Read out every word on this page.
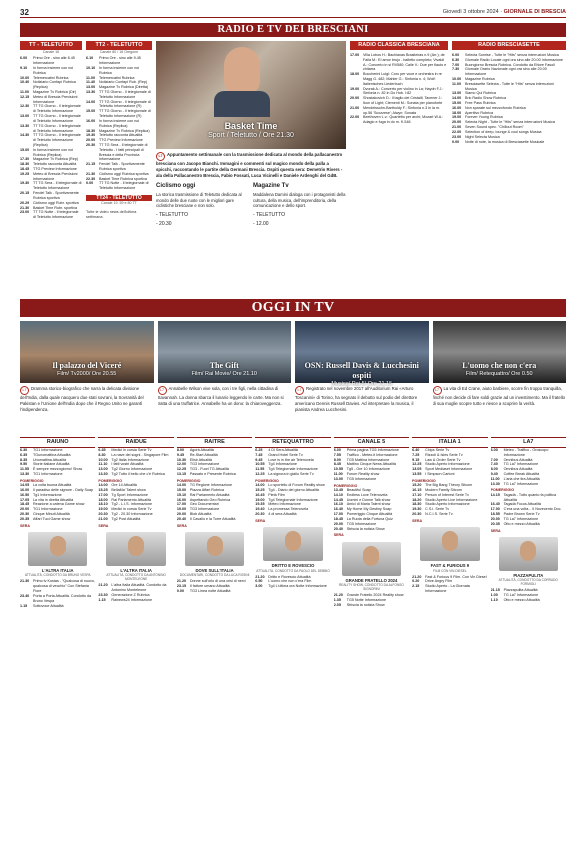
32	Giovedì 3 ottobre 2024 · GIORNALE DI BRESCIA
RADIO E TV DEI BRESCIANI
TT - TELETUTTO
Canale 16
6.00	Primo Ore - sino alle 8.45 Informazione
9.10	In forma insieme con noi Rubrica
10.00	Telemercatini Rubrica
10.40	Notiziario Confapi Rubrica (Replica)
11.00	Magazine Tv Rubrica (Dir)
12.15	Meteo di Brescia Previsioni Informazione
12.30	TT TG Giorno - Il telegiornale di Teletutto Informazione
13.00	TT TG Giorno - Il telegiornale di Teletutto Informazione
13.30	TT TG Giorno - Il telegiornale di Teletutto Informazione
14.30	TT TG Giorno - Il telegiornale di Teletutto Informazione (Replica)
15.00	In forma insieme con noi Rubrica (Replica)
17.30	Magazine Tv Rubrica (Rep)
18.30	Teletutto racconta Attualità
18.45	TTG Preview Informazione
19.25	Meteo di Brescia Previsioni Informazione
19.30	TT TG Sera - Il telegiornale di Teletutto Informazione
20.15	Fendel Talk - Sportivamente Rubrica sportiva
20.29	Ciclismo oggi Rubr. sportiva
21.30	Basket Time Rubr. sportiva
23.00	TT TG Notte - Il telegiornale di Teletutto Informazione
TT2 - TELETUTTO
Canale 80 / 16 Oregone
6.10	Primo Ore - sino alle 9.45 Informazione
10.10	In forma insieme con noi Rubrica
11.00	Telemercatini Rubrica
11.40	Notiziario Confapi Rub. (Rep)
13.00	Magazine Tv Rubrica (Diretta)
13.30	TT TG Giorno - Il telegiornale di Teletutto Informazione
14.00	TT TG Giorno - Il telegiornale di Teletutto Informazione (R)
15.00	TT TG Giorno - Il telegiornale di Teletutto Informazione (R)
16.00	In forma insieme con noi Rubrica (Replica)
18.30	Magazine Tv Rubrica (Replica)
19.30	Teletutto racconta Attualità
20.00	TTG Preview Informazione
20.30	TT TG Sera - Il telegiornale di Teletutto - I fatti principali di Brescia e della Provincia Informazione
21.15	Fendel Talk - Sportivamente Rubrica sportiva
21.30	Ciclismo oggi Rubrica sportiva
22.30	Basket Time Rubrica sportiva
0.00	TT TG Notte - Il telegiornale di Teletutto Informazione
TT24 - TELETUTTO
Canale 19, 59 e 80 TT
Tutte le video news dell'ultima settimana.
Basket Time
Sport / Teletutto / Ore 21.30
L7 Appuntamento settimanale con la trasmissione dedicata al mondo della pallacanestro bresciana con Jacopo Bianchi. Immagini e commenti sul magico mondo della palla a spicchi, raccontando le partite della Germani Brescia. Ospiti questa sera: Demetrio Rivers - ala della Pallacanestro Brescia, Fabio Fossati, Luca Vicinelli e Daniele Ardenghi del GdB.
Ciclismo oggi
La storica trasmissione di Teletutto dedicata al mondo delle due ruote con le migliori gare ciclistiche bresciane e non solo.
- TELETUTTO
- 20.30
Magazine Tv
Maddalena Damini dialoga con i protagonisti della cultura, della musica, dell'imprenditoria, della comunicazione e dello sport.
- TELETUTTO
- 12.00
RADIO CLASSICA BRESCIANA
17.00	Villa Lobos H.: Bachianas Brasileiras n.9 (Arr.); de Falla M.: El amor brujo - balletto completo; Vivaldi A.: Concerto in si RV580; Calle V.: Due per flauto e chitarra
18.00	Boccherini Luigi: Coro per voce e orchestra in re Magg G. 482; Mahler G.: Sinfonia n. 4; Wolf: Italienisches Liederbuch
19.00	Dvorak A.: Concerto per violino in La; Haydn F.J.: Sinfonia n. 82 in Do Hob. I:82
20.00	Shostakovich D.: Il taglio dei Cristalli; Tavener J.: Ikon of Light; Clementi M.: Sonata per pianoforte
21.00	Mendelssohn-Bartholdy F.: Sinfonia n.3 in la m. op.56 'Scozzese'; Alwyn: Sonata
22.00	Beethoven L.v.: Quartetto per archi; Mozart W.A.: Adagio e fuga in do m. K.546
RADIO BRESCIASETTE
6.00	Selecta Sunrise - Tutte le "Hits" senza interruzioni Musica
6.30	Giornale Radio Locale ogni ora sino alle 20.00 Informazione
7.00	Buongiorno Brescia Rubrica. Condotto da Ettore Fasoli
7.30	Giornale Orario Nazionale ogni ora sino alle 20.00 Informazione
10.00	Magazine Rubrica
11.00	Bresciasette Selecta - Tutte le "Hits" senza interruzioni Musica
13.00	Siamo Qui Rubrica
14.00	Bric Radio Show Rubrica
15.00	Free Pass Rubrica
16.00	Non sparate sul mezzofondo Rubrica
18.00	Aperitivo Rubrica
19.00	Forever Young Rubrica
20.00	Selecta Night - Tutte le "Hits" senza interruzioni Musica
21.00	Seven Sound spec. "Chillout Room"
22.00	Selection of deep, lounge & cool songs Musica
23.00	Night Selecta Musica
0.00	Notte di note, la musica di Bresciasette Musicale
OGGI IN TV
Il palazzo del Viceré
Film/ Tv2000/ Ore 20.55
L7 Dramma storico-biografico che narra la delicata divisione dell'India, dalla quale nacquero due stati sovrani, la Sovranità del Pakistan e l'Unione dell'India dopo che il Regno Unito ne garantì l'indipendenza.
The Gift
Film/ Rai Movie/ Ore 21.10
L7 Annabelle Wilson vive sola, con i tre figli, nella cittadina di Savannah. La donna sbarca il lunario leggendo le carte. Ma non si tratta di una truffatrice. Annabelle ha un dono: la chiaroveggenza.
OSN: Russell Davis & Lucchesini ospiti
Musica/ Rai 5/ Ore 21.15
L7 Registrato nel novembre 2017 all'Auditorium Rai «Arturo Toscanini» di Torino, ha segnato il debutto sul podio del direttore americano Dennis Russell Davies. Ad interpretare la musica, il pianista Andrea Lucchesini.
L'uomo che non c'era
Film/ Retequattro/ Ore 0.50
L7 La vita di Ed Crane, aiuto barbiere, scorre fin troppo tranquilla, finché non decide di fare soldi grazie ad un investimento. Ma il fratello di sua moglie scopre tutto e riesce a scoprire la verità.
RAIUNO
6.30	TG1 Informazione
6.35	TGunomattina Attualità
8.35	Unomattina Attualità
9.50	Storie italiane Attualità
11.55	È sempre mezzogiorno! Show
13.30	TG1 Informazione
POMERIGGIO
14.05	La volta buona Attualità
16.00	Il paradiso delle signore - Daily Soap
16.50	Tg1 Informazione
17.05	La vita in diretta Attualità
18.45	Reazione a catena Game show
20.00	TG1 Informazione
20.30	Cinque Minuti Attualità
20.35	Affari Tuoi Game show
SERA
L'ALTRA ITALIA
ATTUALITÀ, CONDOTTO DA BRUNO VESPA
21.30	Primo tv Kostas - "Qualcosa di nuovo, qualcosa di vecchio" Con Stefania Fiore
23.40	Porta a Porta Attualità. Condotto da Bruno Vespa
1.15	Sottovoce Attualità
RAIDUE
6.35	Medici in corsia Serie Tv
8.30	La nave dei sogni - Singapore Film
10.00	Tg2 Italia Informazione
11.10	I fatti vostri Attualità
13.00	Tg2 Giorno Informazione
13.30	Tg2 Tutto il bello che c'è Rubrica
POMERIGGIO
14.00	Ore 14 Attualità
15.25	BellaMa' Talent show
17.00	Tg Sport Informazione
18.00	Rai Parlamento Attualità
18.10	Tg2 - L.I.S. Informazione
19.00	Medici in corsia Serie Tv
20.30	Tg2 - 20.30 Informazione
21.00	Tg2 Post Attualità
SERA
L'ALTRA ITALIA
ATTUALITÀ, CONDOTTO DA ANTONINO MONTELEONE
21.20	L'altra Italia Attualità. Condotto da Antonino Monteleone
23.30	Generazione Z Rubrica
1.15	Rainews24 Informazione
RAITRE
8.00	Agorà Attualità
9.45	Re-Start Attualità
10.30	Elisir Attualità
12.00	TG3 Informazione
12.25	TG3 - Fuori TG Attualità
13.15	Passato e Presente Rubrica
POMERIGGIO
14.00	TG Regione Informazione
15.00	Piazza Affari Rubrica
15.10	Rai Parlamento Attualità
16.00	Aspettando Geo Rubrica
17.00	Geo Documentari
19.00	TG3 Informazione
20.00	Blob Attualità
20.40	Il Cavallo e la Torre Attualità
SERA
DOVE SULL'ITALIA
DOCUMENTARI, CONDOTTO DA LUCA ROSINI
21.20	Donne sull'orlo di una crisi di nervi
23.15	Il fattore umano Attualità
0.00	TG3 Linea notte Attualità
RETEQUATTRO
6.25	4 Di Sera Attualità
7.45	Grand Hotel Serie Tv
9.45	Love is in the air Telenovela
10.55	Tg4 Informazione
11.55	Tg4 Telegiornale Informazione
12.25	La signora in giallo Serie Tv
POMERIGGIO
14.00	Lo sportello di Forum Reality show
15.25	Tg4 - Diario del giorno Attualità
16.45	Pietà Film
19.00	Tg4 Telegiornale Informazione
19.35	Meteo Informazione
19.40	La promessa Telenovela
20.30	4 di sera Attualità
SERA
DRITTO E ROVESCIO
ATTUALITÀ, CONDOTTO DA PAOLO DEL DEBBIO
21.20	Dritto e Rovescio Attualità
0.50	L'uomo che non c'era Film
3.00	Tg4 L'ultima ora Notte Informazione
CANALE 5
6.00	Prima pagina TG5 Informazione
7.55	Traffico - Meteo.it Informazione
8.00	TG5 Mattina Informazione
8.45	Mattino Cinque News Attualità
10.55	Tg5 - Ore 10 Informazione
11.00	Forum Reality show
13.00	TG5 Informazione
POMERIGGIO
13.45	Beautiful Soap
14.10	Endless Love Telenovela
14.45	Uomini e Donne Talk show
16.10	Amici di Maria Talent show
16.40	My Home My Destiny Soap
17.00	Pomeriggio Cinque Attualità
18.45	La Ruota della Fortuna Quiz
20.00	TG5 Informazione
20.40	Striscia la notizia Show
SERA
GRANDE FRATELLO 2024
REALITY SHOW, CONDOTTO DA ALFONSO SIGNORINI
21.20	Grande Fratello 2024 Reality show
1.35	TG5 Notte Informazione
2.05	Striscia la notizia Show
ITALIA 1
6.40	Chips Serie Tv
7.25	Rizzoli & Isles Serie Tv
9.15	Law & Order Serie Tv
12.25	Studio Aperto Informazione
13.05	Sport Mediaset Informazione
13.55	I Simpson Cartoni
POMERIGGIO
15.20	The Big Bang Theory Sitcom
16.15	Modern Family Sitcom
17.10	Person of Interest Serie Tv
18.20	Studio Aperto Live Informazione
18.30	Studio Aperto Informazione
19.30	C.S.I. Serie Tv
20.30	N.C.I.S. Serie Tv
SERA
FAST & FURIOUS 9
FILM CON VIN DIESEL
21.20	Fast & Furious 9 Film. Con Vin Diesel
0.20	Drive Angry Film
2.15	Studio Aperto - La Giornata Informazione
LA7
6.00	Meteo - Traffico - Oroscopo Informazione
7.00	Omnibus Attualità
7.40	TG La7 Informazione
8.00	Omnibus Attualità
9.40	Coffee Break Attualità
11.00	L'aria che tira Attualità
13.30	TG La7 Informazione
POMERIGGIO
14.15	Tagadà - Tutto quanto fa politica Attualità
16.40	Tagadà Focus Attualità
17.00	C'era una volta... Il Novecento Doc.
18.55	Padre Brown Serie Tv
20.00	TG La7 Informazione
20.35	Otto e mezzo Attualità
SERA
PIAZZAPULITA
ATTUALITÀ, CONDOTTO DA CORRADO FORMIGLI
21.15	Piazzapulita Attualità
1.00	TG La7 Informazione
1.10	Otto e mezzo Attualità
